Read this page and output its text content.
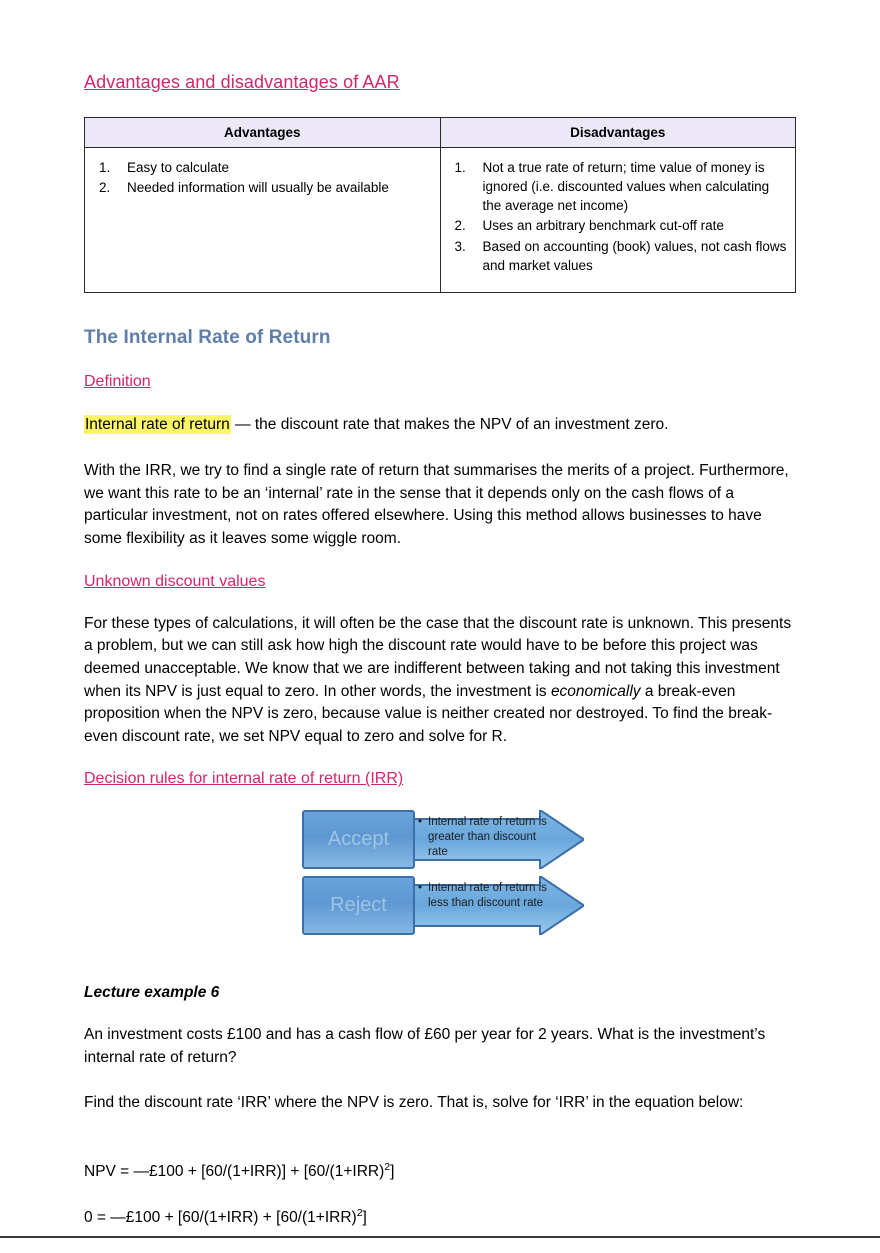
Advantages and disadvantages of AAR
Advantages	Disadvantages

1.	Easy to calculate
2.	Needed information will usually be available

1.	Not a true rate of return; time value of money is ignored (i.e. discounted values when calculating the average net income)
2.	Uses an arbitrary benchmark cut-off rate
3.	Based on accounting (book) values, not cash flows and market values
The Internal Rate of Return
Definition
Internal rate of return — the discount rate that makes the NPV of an investment zero.

With the IRR, we try to find a single rate of return that summarises the merits of a project. Furthermore, we want this rate to be an ‘internal’ rate in the sense that it depends only on the cash flows of a particular investment, not on rates offered elsewhere. Using this method allows businesses to have some flexibility as it leaves some wiggle room.

Unknown discount values

For these types of calculations, it will often be the case that the discount rate is unknown. This presents a problem, but we can still ask how high the discount rate would have to be before this project was deemed unacceptable. We know that we are indifferent between taking and not taking this investment when its NPV is just equal to zero. In other words, the investment is economically a break-even proposition when the NPV is zero, because value is neither created nor destroyed. To find the break-even discount rate, we set NPV equal to zero and solve for R.

Decision rules for internal rate of return (IRR)
Accept
• Internal rate of return is greater than discount rate
Reject
• Internal rate of return is less than discount rate
Lecture example 6

An investment costs £100 and has a cash flow of £60 per year for 2 years. What is the investment’s internal rate of return?

Find the discount rate ‘IRR’ where the NPV is zero. That is, solve for ‘IRR’ in the equation below:

NPV = —£100 + $[60/(1+IRR)] + [60/(1+IRR)^2]$

0 = —£100 + [$60/(1+IRR) + [60/(1+IRR)^2]$
